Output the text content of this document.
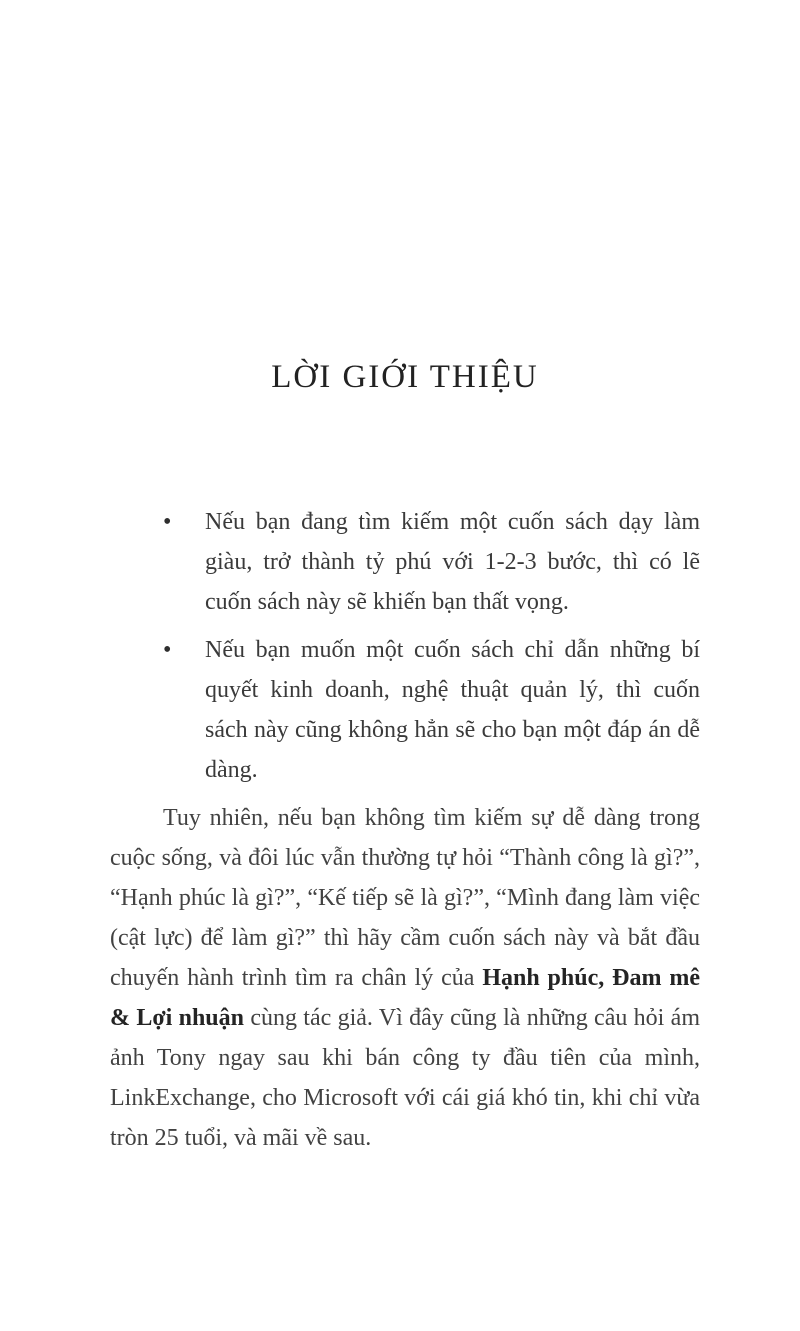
LỜI GIỚI THIỆU
• Nếu bạn đang tìm kiếm một cuốn sách dạy làm giàu, trở thành tỷ phú với 1-2-3 bước, thì có lẽ cuốn sách này sẽ khiến bạn thất vọng.
• Nếu bạn muốn một cuốn sách chỉ dẫn những bí quyết kinh doanh, nghệ thuật quản lý, thì cuốn sách này cũng không hẳn sẽ cho bạn một đáp án dễ dàng.

Tuy nhiên, nếu bạn không tìm kiếm sự dễ dàng trong cuộc sống, và đôi lúc vẫn thường tự hỏi “Thành công là gì?”, “Hạnh phúc là gì?”, “Kế tiếp sẽ là gì?”, “Mình đang làm việc (cật lực) để làm gì?” thì hãy cầm cuốn sách này và bắt đầu chuyến hành trình tìm ra chân lý của Hạnh phúc, Đam mê & Lợi nhuận cùng tác giả. Vì đây cũng là những câu hỏi ám ảnh Tony ngay sau khi bán công ty đầu tiên của mình, LinkExchange, cho Microsoft với cái giá khó tin, khi chỉ vừa tròn 25 tuổi, và mãi về sau.
